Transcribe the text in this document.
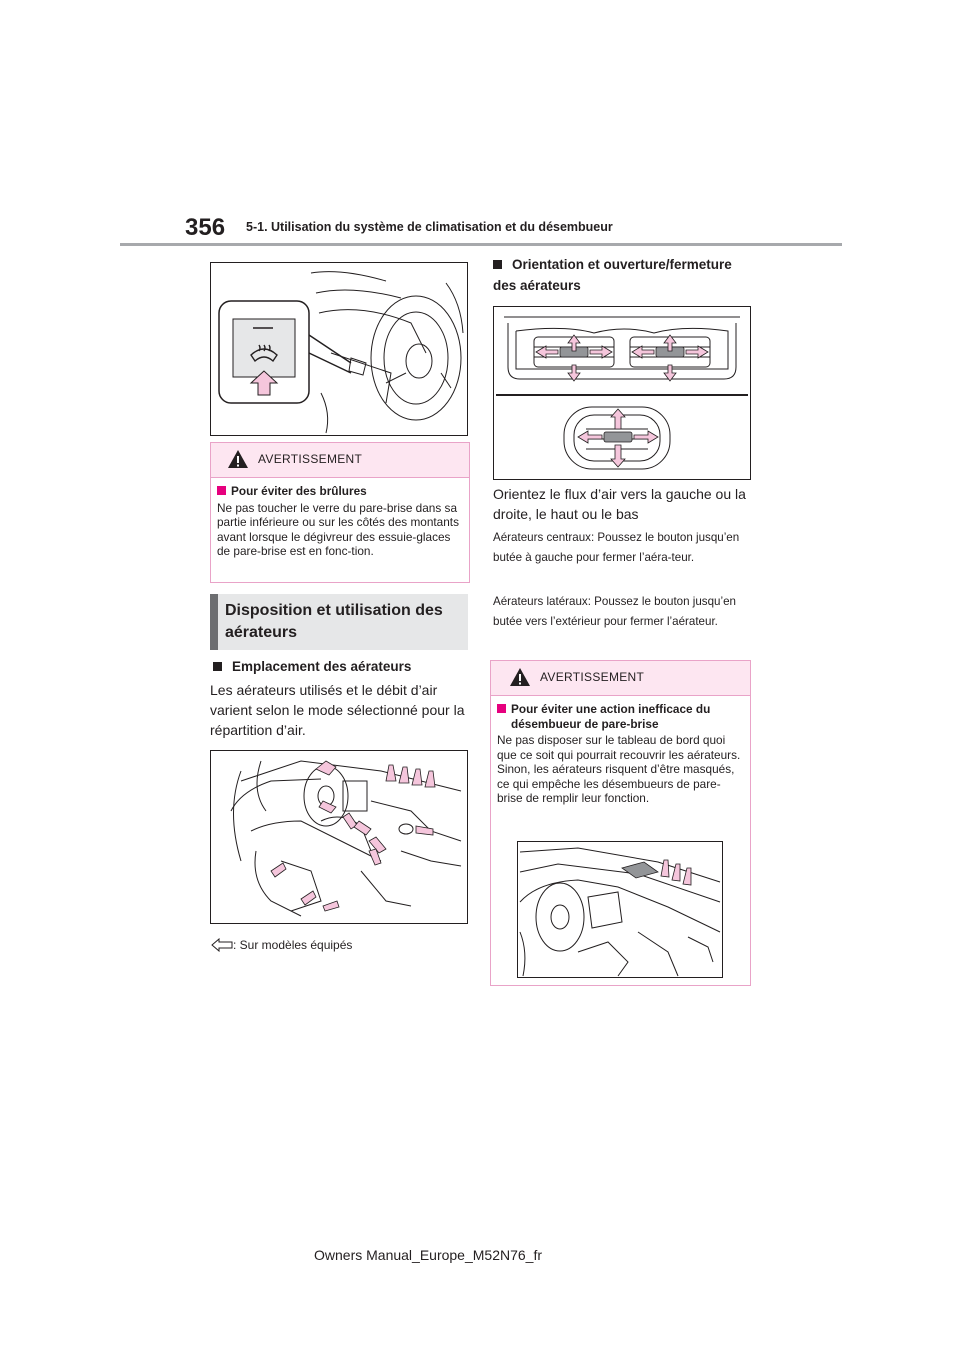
356 5-1. Utilisation du système de climatisation et du désembueur
AVERTISSEMENT
Pour éviter des brûlures
Ne pas toucher le verre du pare-brise dans sa partie inférieure ou sur les côtés des montants avant lorsque le dégivreur des essuie-glaces de pare-brise est en fonc-tion.
Disposition et utilisation des aérateurs
Emplacement des aérateurs
Les aérateurs utilisés et le débit d’air varient selon le mode sélectionné pour la répartition d’air.
: Sur modèles équipés
Orientation et ouverture/fermeture des aérateurs
Orientez le flux d’air vers la gauche ou la droite, le haut ou le bas
Aérateurs centraux: Poussez le bouton jusqu’en butée à gauche pour fermer l’aéra-teur.
Aérateurs latéraux: Poussez le bouton jusqu’en butée vers l’extérieur pour fermer l’aérateur.
AVERTISSEMENT
Pour éviter une action inefficace du désembueur de pare-brise
Ne pas disposer sur le tableau de bord quoi que ce soit qui pourrait recouvrir les aérateurs. Sinon, les aérateurs risquent d’être masqués, ce qui empêche les désembueurs de pare-brise de remplir leur fonction.
Owners Manual_Europe_M52N76_fr
